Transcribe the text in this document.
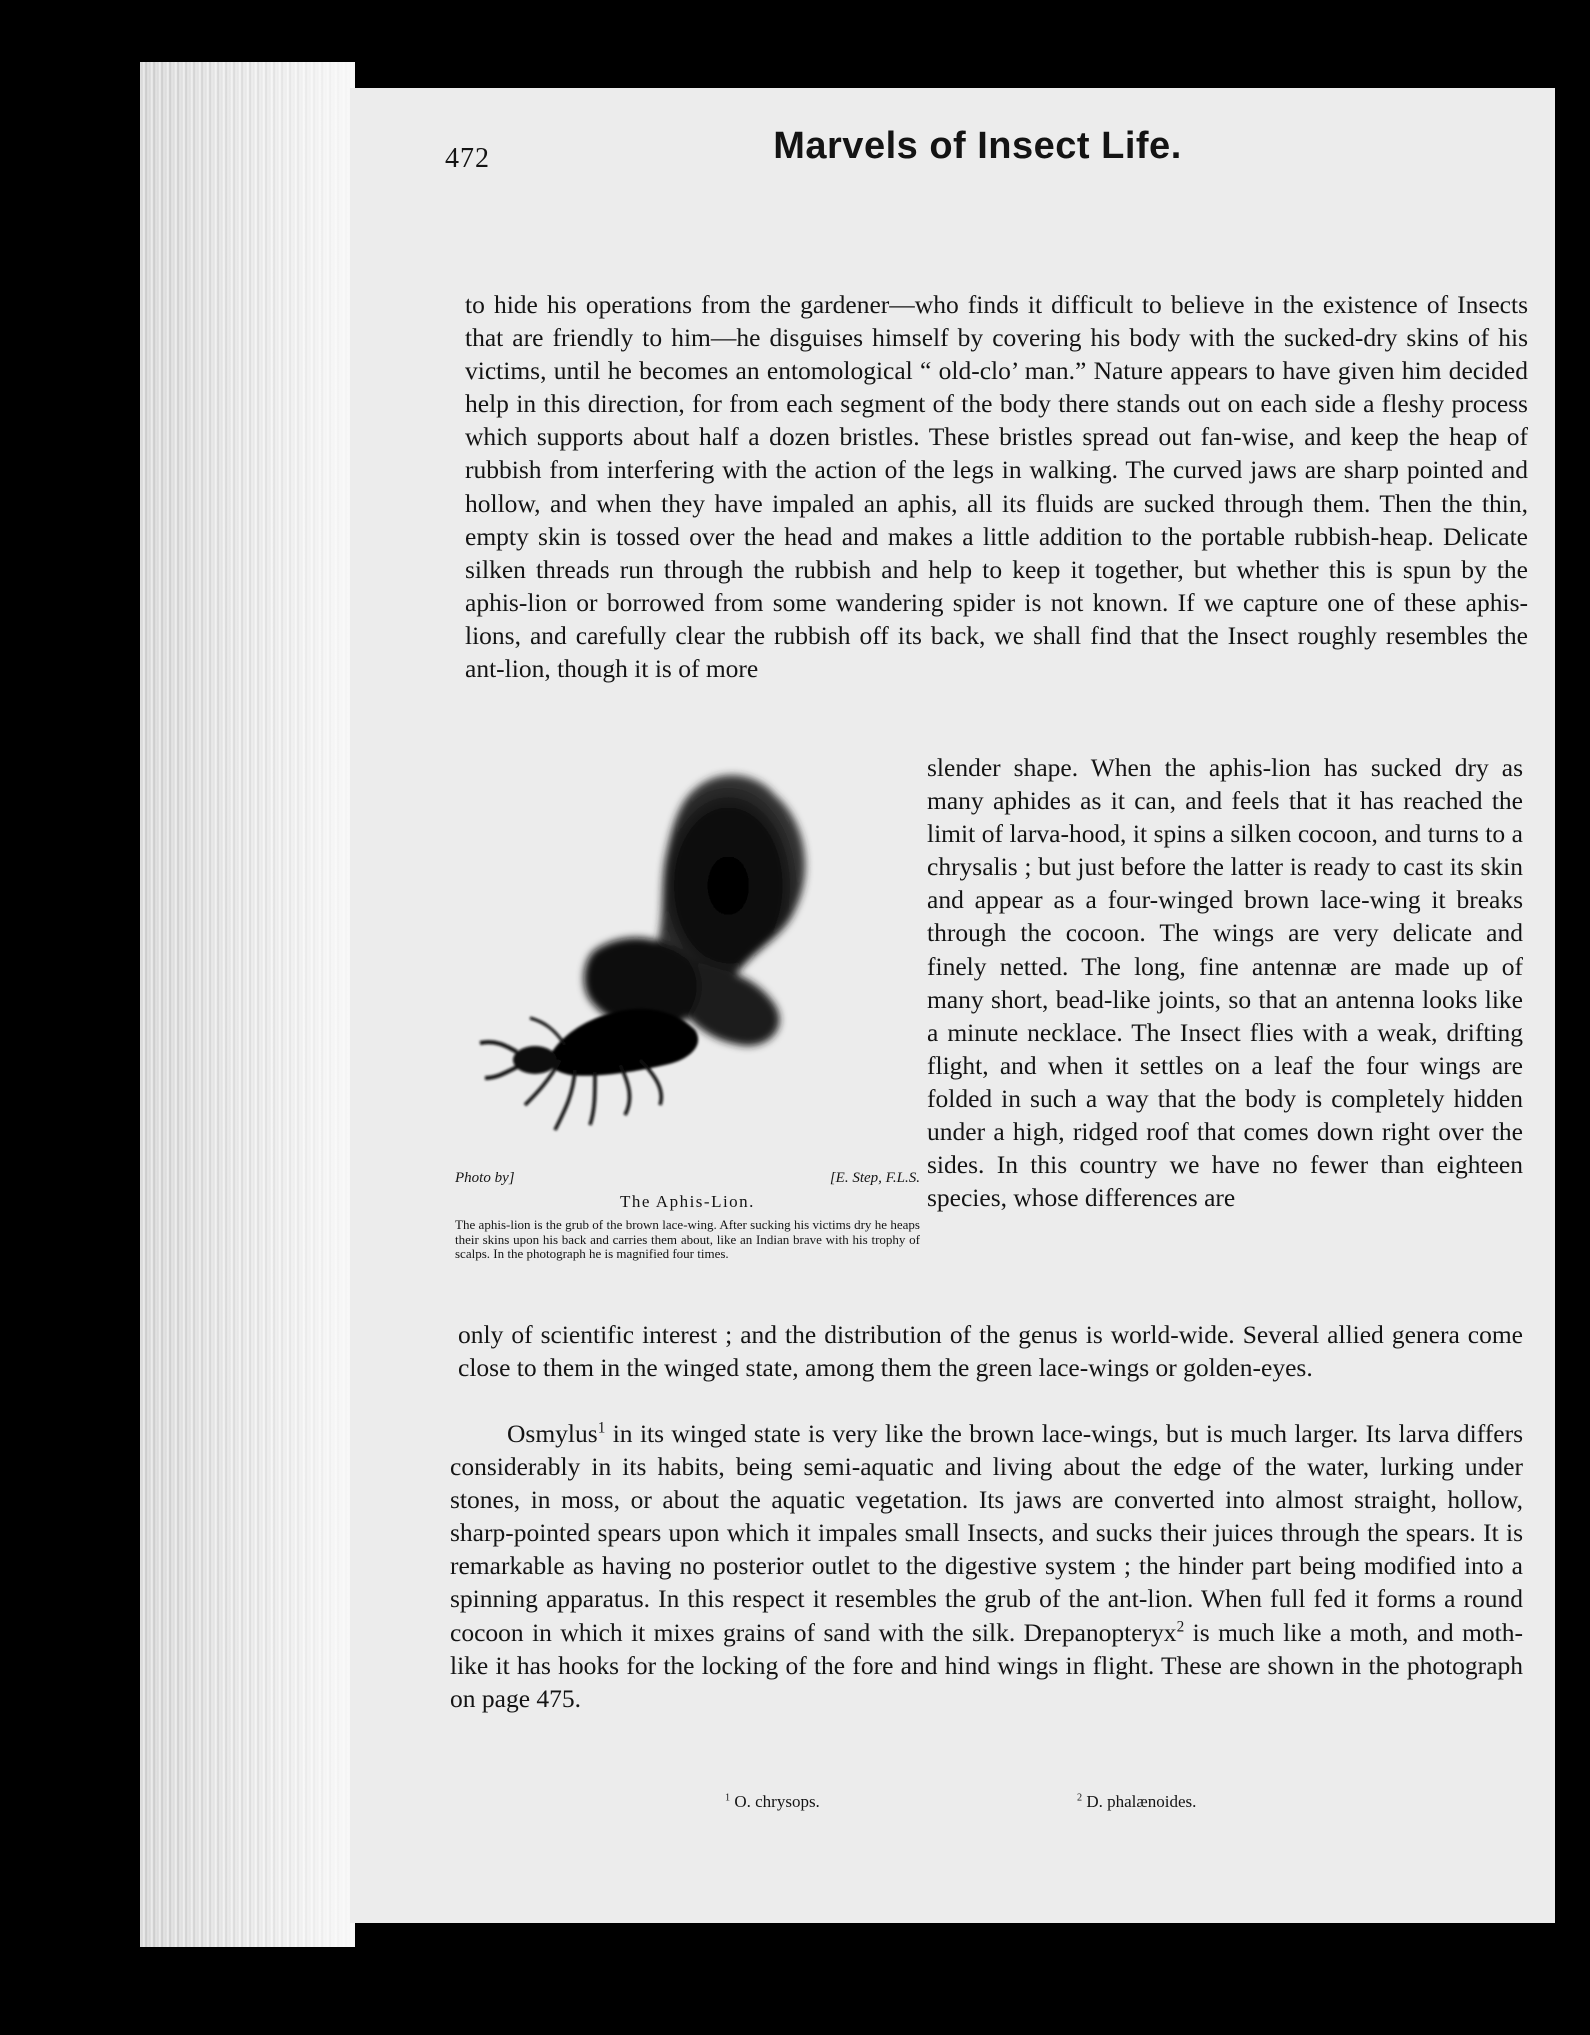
472	Marvels of Insect Life.

to hide his operations from the gardener—who finds it difficult to believe in the existence of Insects that are friendly to him—he disguises himself by covering his body with the sucked-dry skins of his victims, until he becomes an entomological “ old-clo’ man.” Nature appears to have given him decided help in this direction, for from each segment of the body there stands out on each side a fleshy process which supports about half a dozen bristles. These bristles spread out fan-wise, and keep the heap of rubbish from interfering with the action of the legs in walking. The curved jaws are sharp pointed and hollow, and when they have impaled an aphis, all its fluids are sucked through them. Then the thin, empty skin is tossed over the head and makes a little addition to the portable rubbish-heap. Delicate silken threads run through the rubbish and help to keep it together, but whether this is spun by the aphis-lion or borrowed from some wandering spider is not known. If we capture one of these aphis-lions, and carefully clear the rubbish off its back, we shall find that the Insect roughly resembles the ant-lion, though it is of more

Photo by]	[E. Step, F.L.S.
The Aphis-Lion.

The aphis-lion is the grub of the brown lace-wing. After sucking his victims dry he heaps their skins upon his back and carries them about, like an Indian brave with his trophy of scalps. In the photograph he is magnified four times.

slender shape. When the aphis-lion has sucked dry as many aphides as it can, and feels that it has reached the limit of larva-hood, it spins a silken cocoon, and turns to a chrysalis ; but just before the latter is ready to cast its skin and appear as a four-winged brown lace-wing it breaks through the cocoon. The wings are very delicate and finely netted. The long, fine antennæ are made up of many short, bead-like joints, so that an antenna looks like a minute necklace. The Insect flies with a weak, drifting flight, and when it settles on a leaf the four wings are folded in such a way that the body is completely hidden under a high, ridged roof that comes down right over the sides. In this country we have no fewer than eighteen species, whose differences are

only of scientific interest ; and the distribution of the genus is world-wide. Several allied genera come close to them in the winged state, among them the green lace-wings or golden-eyes.

Osmylus$^1$ in its winged state is very like the brown lace-wings, but is much larger. Its larva differs considerably in its habits, being semi-aquatic and living about the edge of the water, lurking under stones, in moss, or about the aquatic vegetation. Its jaws are converted into almost straight, hollow, sharp-pointed spears upon which it impales small Insects, and sucks their juices through the spears. It is remarkable as having no posterior outlet to the digestive system ; the hinder part being modified into a spinning apparatus. In this respect it resembles the grub of the ant-lion. When full fed it forms a round cocoon in which it mixes grains of sand with the silk. Drepanopteryx$^2$ is much like a moth, and moth-like it has hooks for the locking of the fore and hind wings in flight. These are shown in the photograph on page 475.

$^1$ O. chrysops.	$^2$ D. phalænoides.
